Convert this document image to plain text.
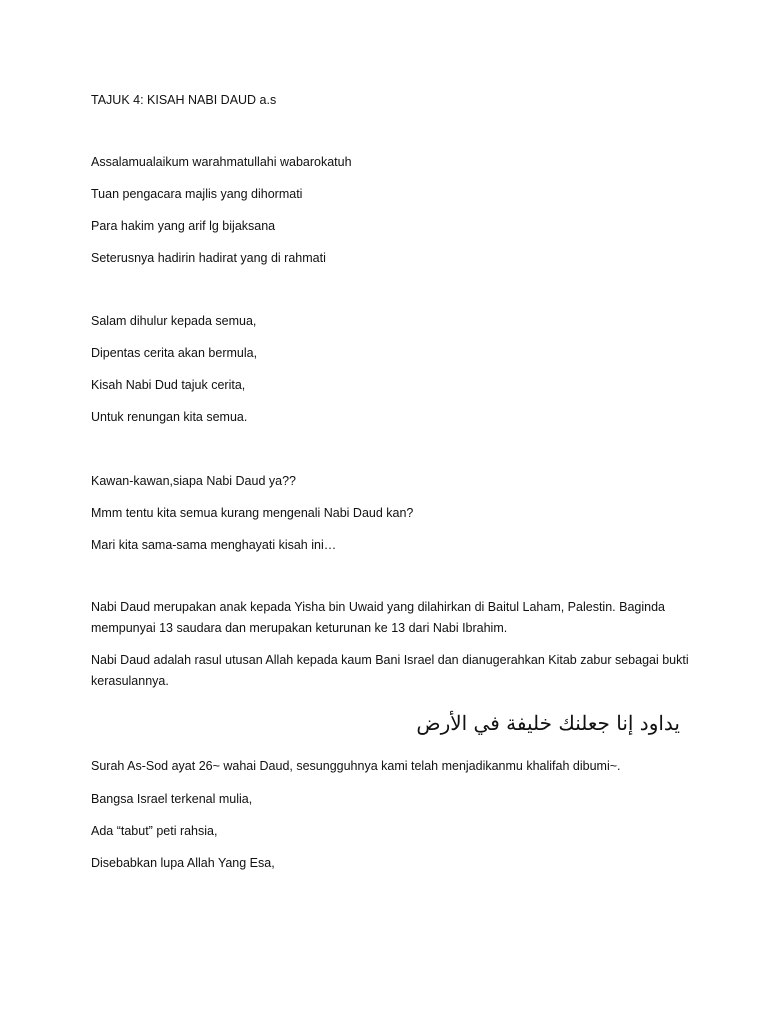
TAJUK 4: KISAH NABI DAUD a.s
Assalamualaikum warahmatullahi wabarokatuh
Tuan pengacara majlis yang dihormati
Para hakim yang arif lg bijaksana
Seterusnya hadirin hadirat yang di rahmati
Salam dihulur kepada semua,
Dipentas cerita akan bermula,
Kisah Nabi Dud tajuk cerita,
Untuk renungan kita semua.
Kawan-kawan,siapa Nabi Daud ya??
Mmm tentu kita semua kurang mengenali Nabi Daud kan?
Mari kita sama-sama menghayati kisah ini…
Nabi Daud merupakan anak kepada Yisha bin Uwaid yang dilahirkan di Baitul Laham, Palestin. Baginda mempunyai 13 saudara dan merupakan keturunan ke 13 dari Nabi Ibrahim.
Nabi Daud adalah rasul utusan Allah kepada kaum Bani Israel dan dianugerahkan Kitab zabur sebagai bukti kerasulannya.
يداود إنا جعلنك خليفة في الأرض
Surah As-Sod ayat 26~ wahai Daud, sesungguhnya kami telah menjadikanmu khalifah dibumi~.
Bangsa Israel terkenal mulia,
Ada “tabut” peti rahsia,
Disebabkan lupa Allah Yang Esa,
